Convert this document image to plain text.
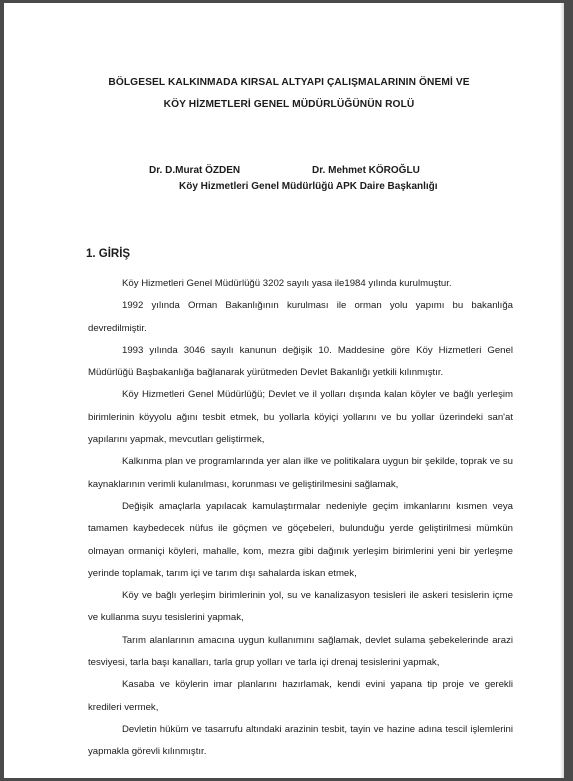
BÖLGESEL KALKINMADA KIRSAL ALTYAPI ÇALIŞMALARININ ÖNEMİ VE
KÖY HİZMETLERİ GENEL MÜDÜRLÜĞÜNÜN ROLÜ
Dr. D.Murat ÖZDEN	Dr. Mehmet KÖROĞLU
Köy Hizmetleri Genel Müdürlüğü APK Daire Başkanlığı
1. GİRİŞ

Köy Hizmetleri Genel Müdürlüğü 3202 sayılı yasa ile1984 yılında kurulmuştur.

1992 yılında Orman Bakanlığının kurulması ile orman yolu yapımı bu bakanlığa devredilmiştir.

1993 yılında 3046 sayılı kanunun değişik 10. Maddesine göre Köy Hizmetleri Genel Müdürlüğü Başbakanlığa bağlanarak yürütmeden Devlet Bakanlığı yetkili kılınmıştır.

Köy Hizmetleri Genel Müdürlüğü; Devlet ve il yolları dışında kalan köyler ve bağlı yerleşim birimlerinin köyyolu ağını tesbit etmek, bu yollarla köyiçi yollarını ve bu yollar üzerindeki san'at yapılarını yapmak, mevcutları geliştirmek,

Kalkınma plan ve programlarında yer alan ilke ve politikalara uygun bir şekilde, toprak ve su kaynaklarının verimli kulanılması, korunması ve geliştirilmesini sağlamak,

Değişik amaçlarla yapılacak kamulaştırmalar nedeniyle geçim imkanlarını kısmen veya tamamen kaybedecek nüfus ile göçmen ve göçebeleri, bulunduğu yerde geliştirilmesi mümkün olmayan ormaniçi köyleri, mahalle, kom, mezra gibi dağınık yerleşim birimlerini yeni bir yerleşme yerinde toplamak, tarım içi ve tarım dışı sahalarda iskan etmek,

Köy ve bağlı yerleşim birimlerinin yol, su ve kanalizasyon tesisleri ile askeri tesislerin içme ve kullanma suyu tesislerini yapmak,

Tarım alanlarının amacına uygun kullanımını sağlamak, devlet sulama şebekelerinde arazi tesviyesi, tarla başı kanalları, tarla grup yolları ve tarla içi drenaj tesislerini yapmak,

Kasaba ve köylerin imar planlarını hazırlamak, kendi evini yapana tip proje ve gerekli kredileri vermek,

Devletin hüküm ve tasarrufu altındaki arazinin tesbit, tayin ve hazine adına tescil işlemlerini yapmakla görevli kılınmıştır.
